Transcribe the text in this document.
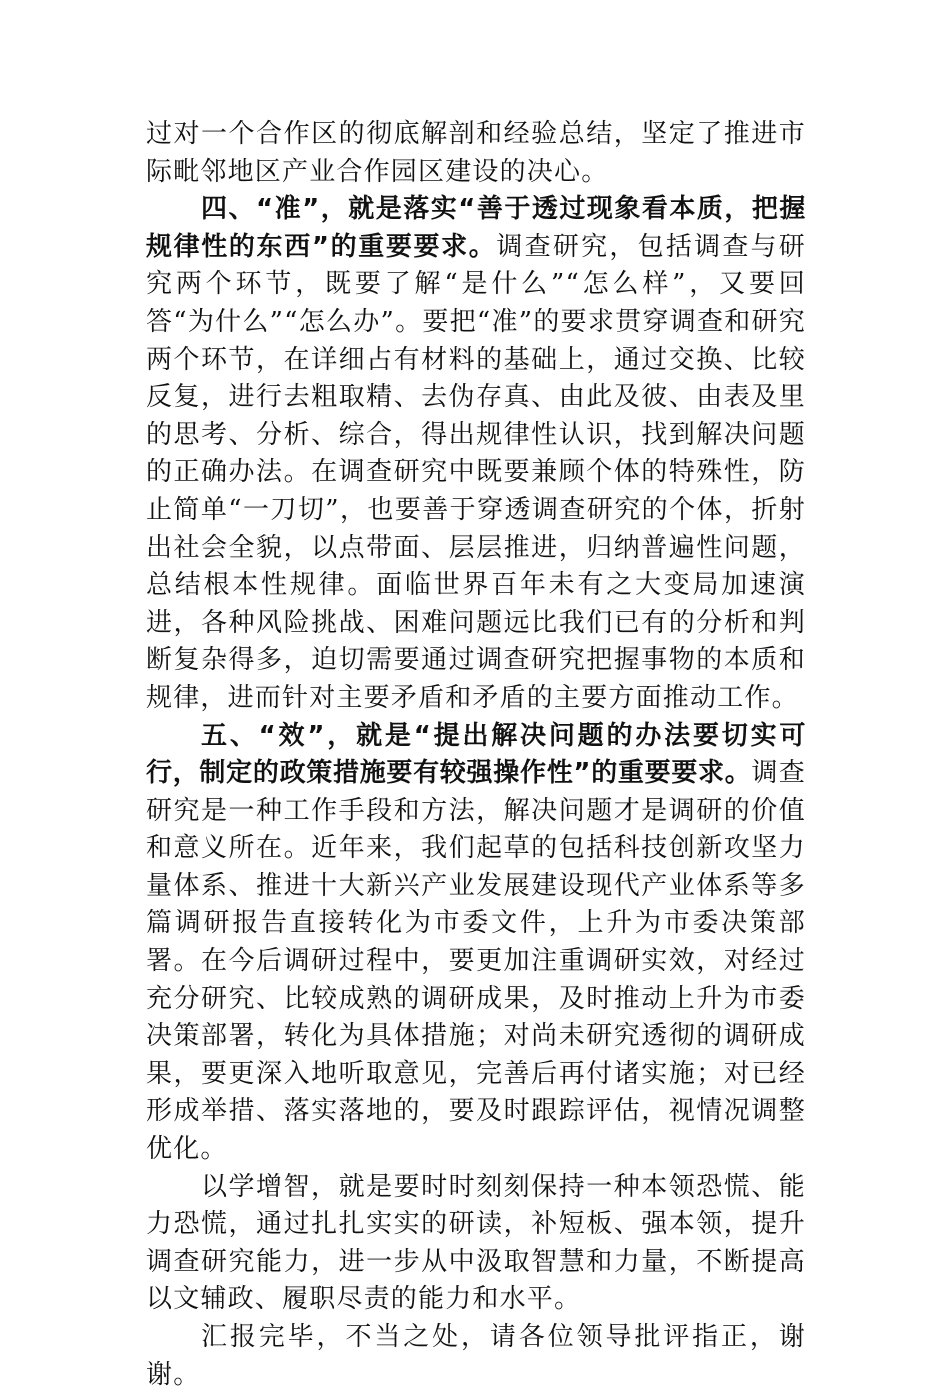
过对一个合作区的彻底解剖和经验总结，坚定了推进市际毗邻地区产业合作园区建设的决心。

四、“准”，就是落实“善于透过现象看本质，把握规律性的东西”的重要要求。调查研究，包括调查与研究两个环节，既要了解“是什么”“怎么样”，又要回答“为什么”“怎么办”。要把“准”的要求贯穿调查和研究两个环节，在详细占有材料的基础上，通过交换、比较反复，进行去粗取精、去伪存真、由此及彼、由表及里的思考、分析、综合，得出规律性认识，找到解决问题的正确办法。在调查研究中既要兼顾个体的特殊性，防止简单“一刀切”，也要善于穿透调查研究的个体，折射出社会全貌，以点带面、层层推进，归纳普遍性问题，总结根本性规律。面临世界百年未有之大变局加速演进，各种风险挑战、困难问题远比我们已有的分析和判断复杂得多，迫切需要通过调查研究把握事物的本质和规律，进而针对主要矛盾和矛盾的主要方面推动工作。

五、“效”，就是“提出解决问题的办法要切实可行，制定的政策措施要有较强操作性”的重要要求。调查研究是一种工作手段和方法，解决问题才是调研的价值和意义所在。近年来，我们起草的包括科技创新攻坚力量体系、推进十大新兴产业发展建设现代产业体系等多篇调研报告直接转化为市委文件，上升为市委决策部署。在今后调研过程中，要更加注重调研实效，对经过充分研究、比较成熟的调研成果，及时推动上升为市委决策部署，转化为具体措施；对尚未研究透彻的调研成果，要更深入地听取意见，完善后再付诸实施；对已经形成举措、落实落地的，要及时跟踪评估，视情况调整优化。

以学增智，就是要时时刻刻保持一种本领恐慌、能力恐慌，通过扎扎实实的研读，补短板、强本领，提升调查研究能力，进一步从中汲取智慧和力量，不断提高以文辅政、履职尽责的能力和水平。

汇报完毕，不当之处，请各位领导批评指正，谢谢。
